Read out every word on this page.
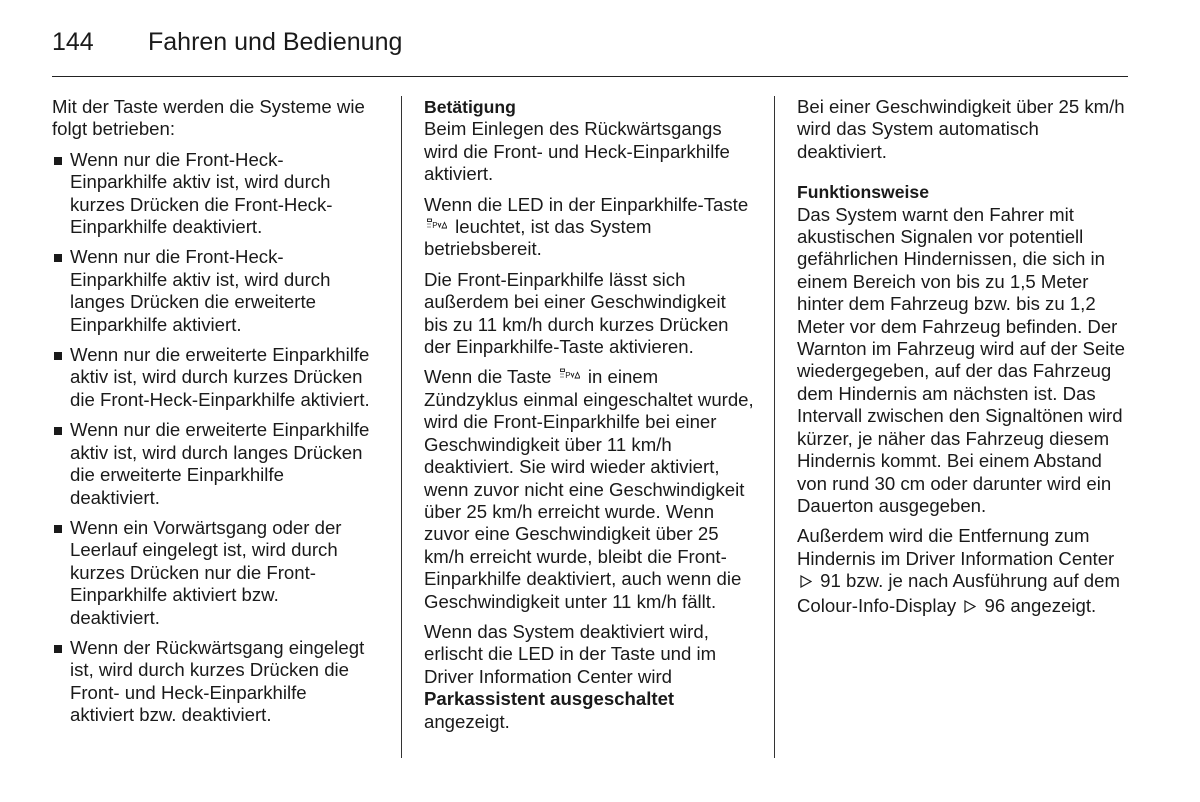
144 Fahren und Bedienung

Mit der Taste werden die Systeme wie folgt betrieben:

Wenn nur die Front-Heck-Einparkhilfe aktiv ist, wird durch kurzes Drücken die Front-Heck-Einparkhilfe deaktiviert.
Wenn nur die Front-Heck-Einparkhilfe aktiv ist, wird durch langes Drücken die erweiterte Einparkhilfe aktiviert.
Wenn nur die erweiterte Einparkhilfe aktiv ist, wird durch kurzes Drücken die Front-Heck-Einparkhilfe aktiviert.
Wenn nur die erweiterte Einparkhilfe aktiv ist, wird durch langes Drücken die erweiterte Einparkhilfe deaktiviert.
Wenn ein Vorwärtsgang oder der Leerlauf eingelegt ist, wird durch kurzes Drücken nur die Front-Einparkhilfe aktiviert bzw. deaktiviert.
Wenn der Rückwärtsgang eingelegt ist, wird durch kurzes Drücken die Front- und Heck-Einparkhilfe aktiviert bzw. deaktiviert.

Betätigung

Beim Einlegen des Rückwärtsgangs wird die Front- und Heck-Einparkhilfe aktiviert.

Wenn die LED in der Einparkhilfe-Taste
P leuchtet, ist das System betriebsbereit.

Die Front-Einparkhilfe lässt sich außerdem bei einer Geschwindigkeit bis zu 11 km/h durch kurzes Drücken der Einparkhilfe-Taste aktivieren.

Wenn die Taste P in einem Zündzyklus einmal eingeschaltet wurde, wird die Front-Einparkhilfe bei einer Geschwindigkeit über 11 km/h deaktiviert. Sie wird wieder aktiviert, wenn zuvor nicht eine Geschwindigkeit über 25 km/h erreicht wurde. Wenn zuvor eine Geschwindigkeit über 25 km/h erreicht wurde, bleibt die Front-Einparkhilfe deaktiviert, auch wenn die Geschwindigkeit unter 11 km/h fällt.

Wenn das System deaktiviert wird, erlischt die LED in der Taste und im Driver Information Center wird Parkassistent ausgeschaltet angezeigt.

Bei einer Geschwindigkeit über 25 km/h wird das System automatisch deaktiviert.

Funktionsweise

Das System warnt den Fahrer mit akustischen Signalen vor potentiell gefährlichen Hindernissen, die sich in einem Bereich von bis zu 1,5 Meter hinter dem Fahrzeug bzw. bis zu 1,2 Meter vor dem Fahrzeug befinden. Der Warnton im Fahrzeug wird auf der Seite wiedergegeben, auf der das Fahrzeug dem Hindernis am nächsten ist. Das Intervall zwischen den Signaltönen wird kürzer, je näher das Fahrzeug diesem Hindernis kommt. Bei einem Abstand von rund 30 cm oder darunter wird ein Dauerton ausgegeben.

Außerdem wird die Entfernung zum Hindernis im Driver Information Center  91 bzw. je nach Ausführung auf dem Colour-Info-Display 96 angezeigt.
